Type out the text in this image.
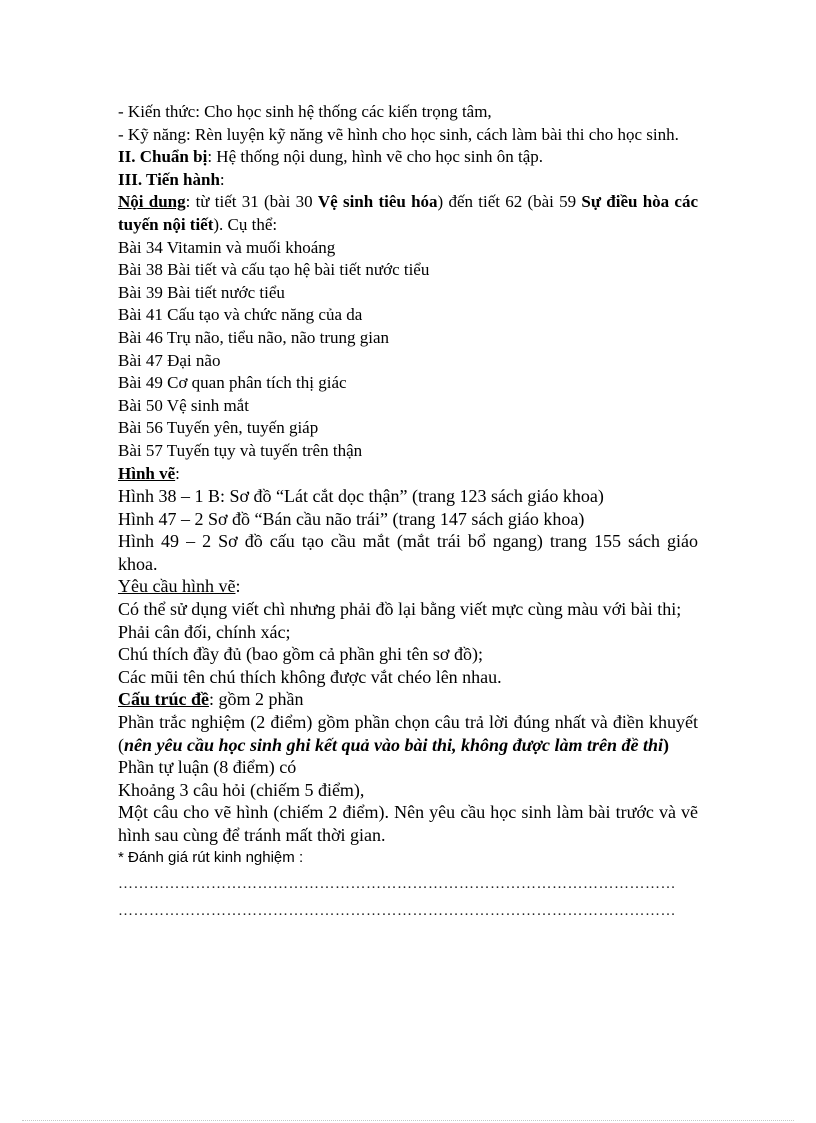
- Kiến thức: Cho học sinh hệ thống các kiến trọng tâm,

- Kỹ năng: Rèn luyện kỹ năng vẽ hình cho học sinh, cách làm bài thi cho học sinh.

II. Chuẩn bị: Hệ thống nội dung, hình vẽ cho học sinh ôn tập.

III. Tiến hành:

Nội dung: từ tiết 31 (bài 30 Vệ sinh tiêu hóa) đến tiết 62 (bài 59 Sự điều hòa các tuyến nội tiết). Cụ thể:

Bài 34 Vitamin và muối khoáng

Bài 38 Bài tiết và cấu tạo hệ bài tiết nước tiểu

Bài 39 Bài tiết nước tiểu

Bài 41 Cấu tạo và chức năng của da

Bài 46 Trụ não, tiểu não, não trung gian

Bài 47 Đại não

Bài 49 Cơ quan phân tích thị giác

Bài 50 Vệ sinh mắt

Bài 56 Tuyến yên, tuyến giáp

Bài 57 Tuyến tụy và tuyến trên thận

Hình vẽ:

Hình 38 – 1 B: Sơ đồ “Lát cắt dọc thận” (trang 123 sách giáo khoa)

Hình 47 – 2 Sơ đồ “Bán cầu não trái” (trang 147 sách giáo khoa)

Hình 49 – 2 Sơ đồ cấu tạo cầu mắt (mắt trái bổ ngang) trang 155 sách giáo khoa.

Yêu cầu hình vẽ:

Có thể sử dụng viết chì nhưng phải đồ lại bằng viết mực cùng màu với bài thi;

Phải cân đối, chính xác;

Chú thích đầy đủ (bao gồm cả phần ghi tên sơ đồ);

Các mũi tên chú thích không được vắt chéo lên nhau.

Cấu trúc đề: gồm 2 phần

Phần trắc nghiệm (2 điểm) gồm phần chọn câu trả lời đúng nhất và điền khuyết (nên yêu cầu học sinh ghi kết quả vào bài thi, không được làm trên đề thi)

Phần tự luận (8 điểm) có

Khoảng 3 câu hỏi (chiếm 5 điểm),

Một câu cho vẽ hình (chiếm 2 điểm). Nên yêu cầu học sinh làm bài trước và vẽ hình sau cùng để tránh mất thời gian.

* Đánh giá rút kinh nghiệm :

………………………………………………………………………………………………

………………………………………………………………………………………………
